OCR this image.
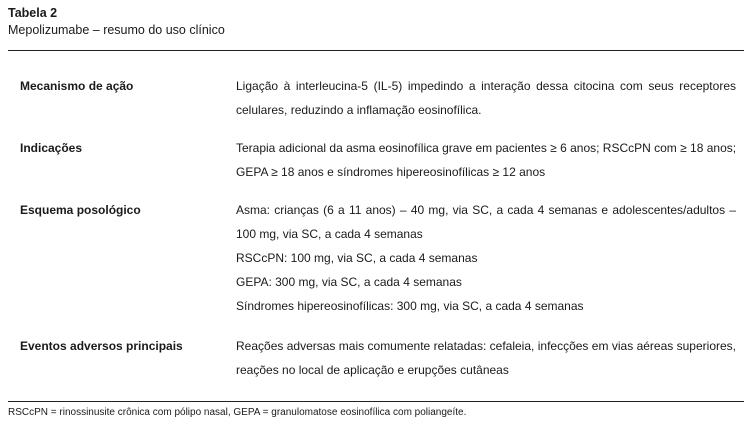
Tabela 2
Mepolizumabe – resumo do uso clínico
Mecanismo de ação	Ligação à interleucina-5 (IL-5) impedindo a interação dessa citocina com seus receptores
celulares, reduzindo a inflamação eosinofílica.
Indicações	Terapia adicional da asma eosinofílica grave em pacientes ≥ 6 anos; RSCcPN com ≥ 18 anos;
GEPA ≥ 18 anos e síndromes hipereosinofílicas ≥ 12 anos
Esquema posológico	Asma: crianças (6 a 11 anos) – 40 mg, via SC, a cada 4 semanas e adolescentes/adultos –
100 mg, via SC, a cada 4 semanas
RSCcPN: 100 mg, via SC, a cada 4 semanas
GEPA: 300 mg, via SC, a cada 4 semanas
Síndromes hipereosinofílicas: 300 mg, via SC, a cada 4 semanas
Eventos adversos principais	Reações adversas mais comumente relatadas: cefaleia, infecções em vias aéreas superiores,
reações no local de aplicação e erupções cutâneas
RSCcPN = rinossinusite crônica com pólipo nasal, GEPA = granulomatose eosinofílica com poliangeíte.
